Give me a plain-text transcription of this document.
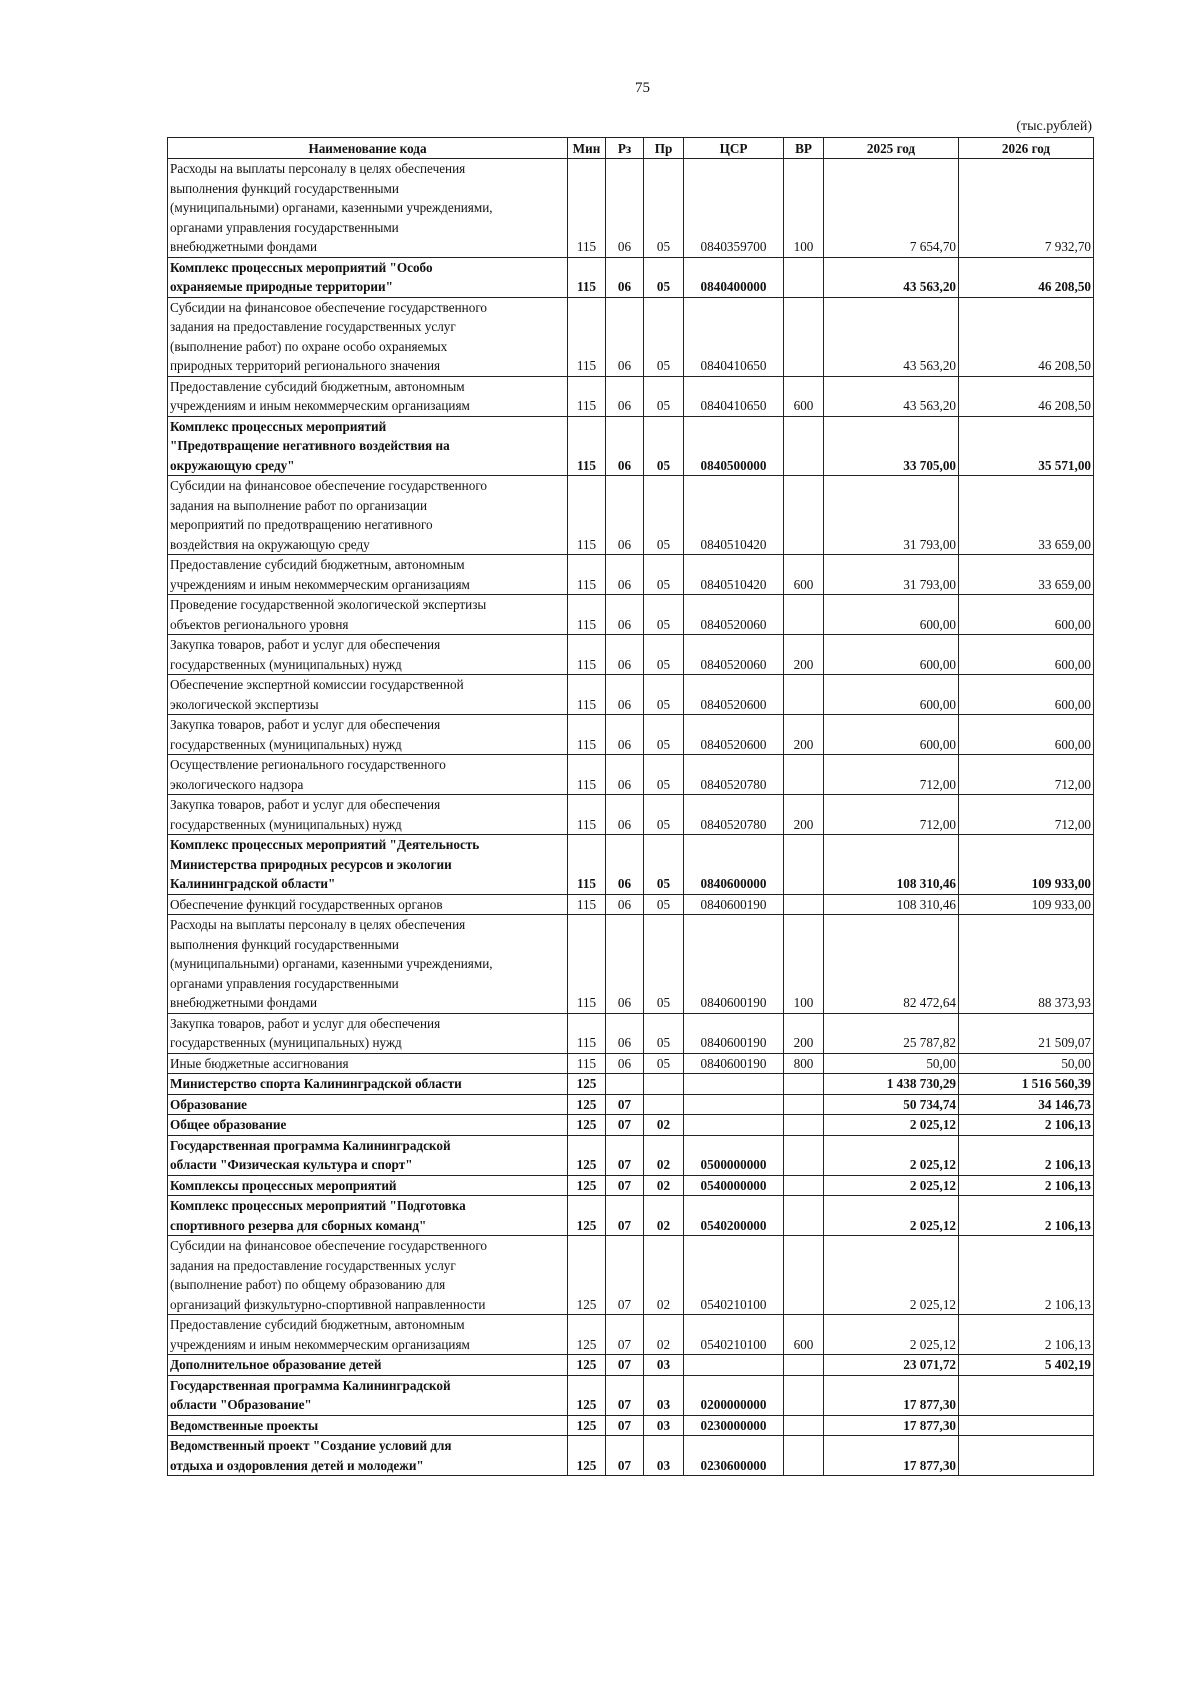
75
(тыс.рублей)
Наименование кода	Мин	Рз	Пр	ЦСР	ВР	2025 год	2026 год
Расходы на выплаты персоналу в целях обеспечения
выполнения функций государственными
(муниципальными) органами, казенными учреждениями,
органами управления государственными
внебюджетными фондами	115	06	05	0840359700	100	7 654,70	7 932,70
Комплекс процессных мероприятий "Особо
охраняемые природные территории"	115	06	05	0840400000		43 563,20	46 208,50
Субсидии на финансовое обеспечение государственного
задания на предоставление государственных услуг
(выполнение работ) по охране особо охраняемых
природных территорий регионального значения	115	06	05	0840410650		43 563,20	46 208,50
Предоставление субсидий бюджетным, автономным
учреждениям и иным некоммерческим организациям	115	06	05	0840410650	600	43 563,20	46 208,50
Комплекс процессных мероприятий
"Предотвращение негативного воздействия на
окружающую среду"	115	06	05	0840500000		33 705,00	35 571,00
Субсидии на финансовое обеспечение государственного
задания на выполнение работ по организации
мероприятий по предотвращению негативного
воздействия на окружающую среду	115	06	05	0840510420		31 793,00	33 659,00
Предоставление субсидий бюджетным, автономным
учреждениям и иным некоммерческим организациям	115	06	05	0840510420	600	31 793,00	33 659,00
Проведение государственной экологической экспертизы
объектов регионального уровня	115	06	05	0840520060		600,00	600,00
Закупка товаров, работ и услуг для обеспечения
государственных (муниципальных) нужд	115	06	05	0840520060	200	600,00	600,00
Обеспечение экспертной комиссии государственной
экологической экспертизы	115	06	05	0840520600		600,00	600,00
Закупка товаров, работ и услуг для обеспечения
государственных (муниципальных) нужд	115	06	05	0840520600	200	600,00	600,00
Осуществление регионального государственного
экологического надзора	115	06	05	0840520780		712,00	712,00
Закупка товаров, работ и услуг для обеспечения
государственных (муниципальных) нужд	115	06	05	0840520780	200	712,00	712,00
Комплекс процессных мероприятий "Деятельность
Министерства природных ресурсов и экологии
Калининградской области"	115	06	05	0840600000		108 310,46	109 933,00
Обеспечение функций государственных органов	115	06	05	0840600190		108 310,46	109 933,00
Расходы на выплаты персоналу в целях обеспечения
выполнения функций государственными
(муниципальными) органами, казенными учреждениями,
органами управления государственными
внебюджетными фондами	115	06	05	0840600190	100	82 472,64	88 373,93
Закупка товаров, работ и услуг для обеспечения
государственных (муниципальных) нужд	115	06	05	0840600190	200	25 787,82	21 509,07
Иные бюджетные ассигнования	115	06	05	0840600190	800	50,00	50,00
Министерство спорта Калининградской области	125					1 438 730,29	1 516 560,39
Образование	125	07				50 734,74	34 146,73
Общее образование	125	07	02			2 025,12	2 106,13
Государственная программа Калининградской
области "Физическая культура и спорт"	125	07	02	0500000000		2 025,12	2 106,13
Комплексы процессных мероприятий	125	07	02	0540000000		2 025,12	2 106,13
Комплекс процессных мероприятий "Подготовка
спортивного резерва для сборных команд"	125	07	02	0540200000		2 025,12	2 106,13
Субсидии на финансовое обеспечение государственного
задания на предоставление государственных услуг
(выполнение работ) по общему образованию для
организаций физкультурно-спортивной направленности	125	07	02	0540210100		2 025,12	2 106,13
Предоставление субсидий бюджетным, автономным
учреждениям и иным некоммерческим организациям	125	07	02	0540210100	600	2 025,12	2 106,13
Дополнительное образование детей	125	07	03			23 071,72	5 402,19
Государственная программа Калининградской
области "Образование"	125	07	03	0200000000		17 877,30	
Ведомственные проекты	125	07	03	0230000000		17 877,30	
Ведомственный проект "Создание условий для
отдыха и оздоровления детей и молодежи"	125	07	03	0230600000		17 877,30	
